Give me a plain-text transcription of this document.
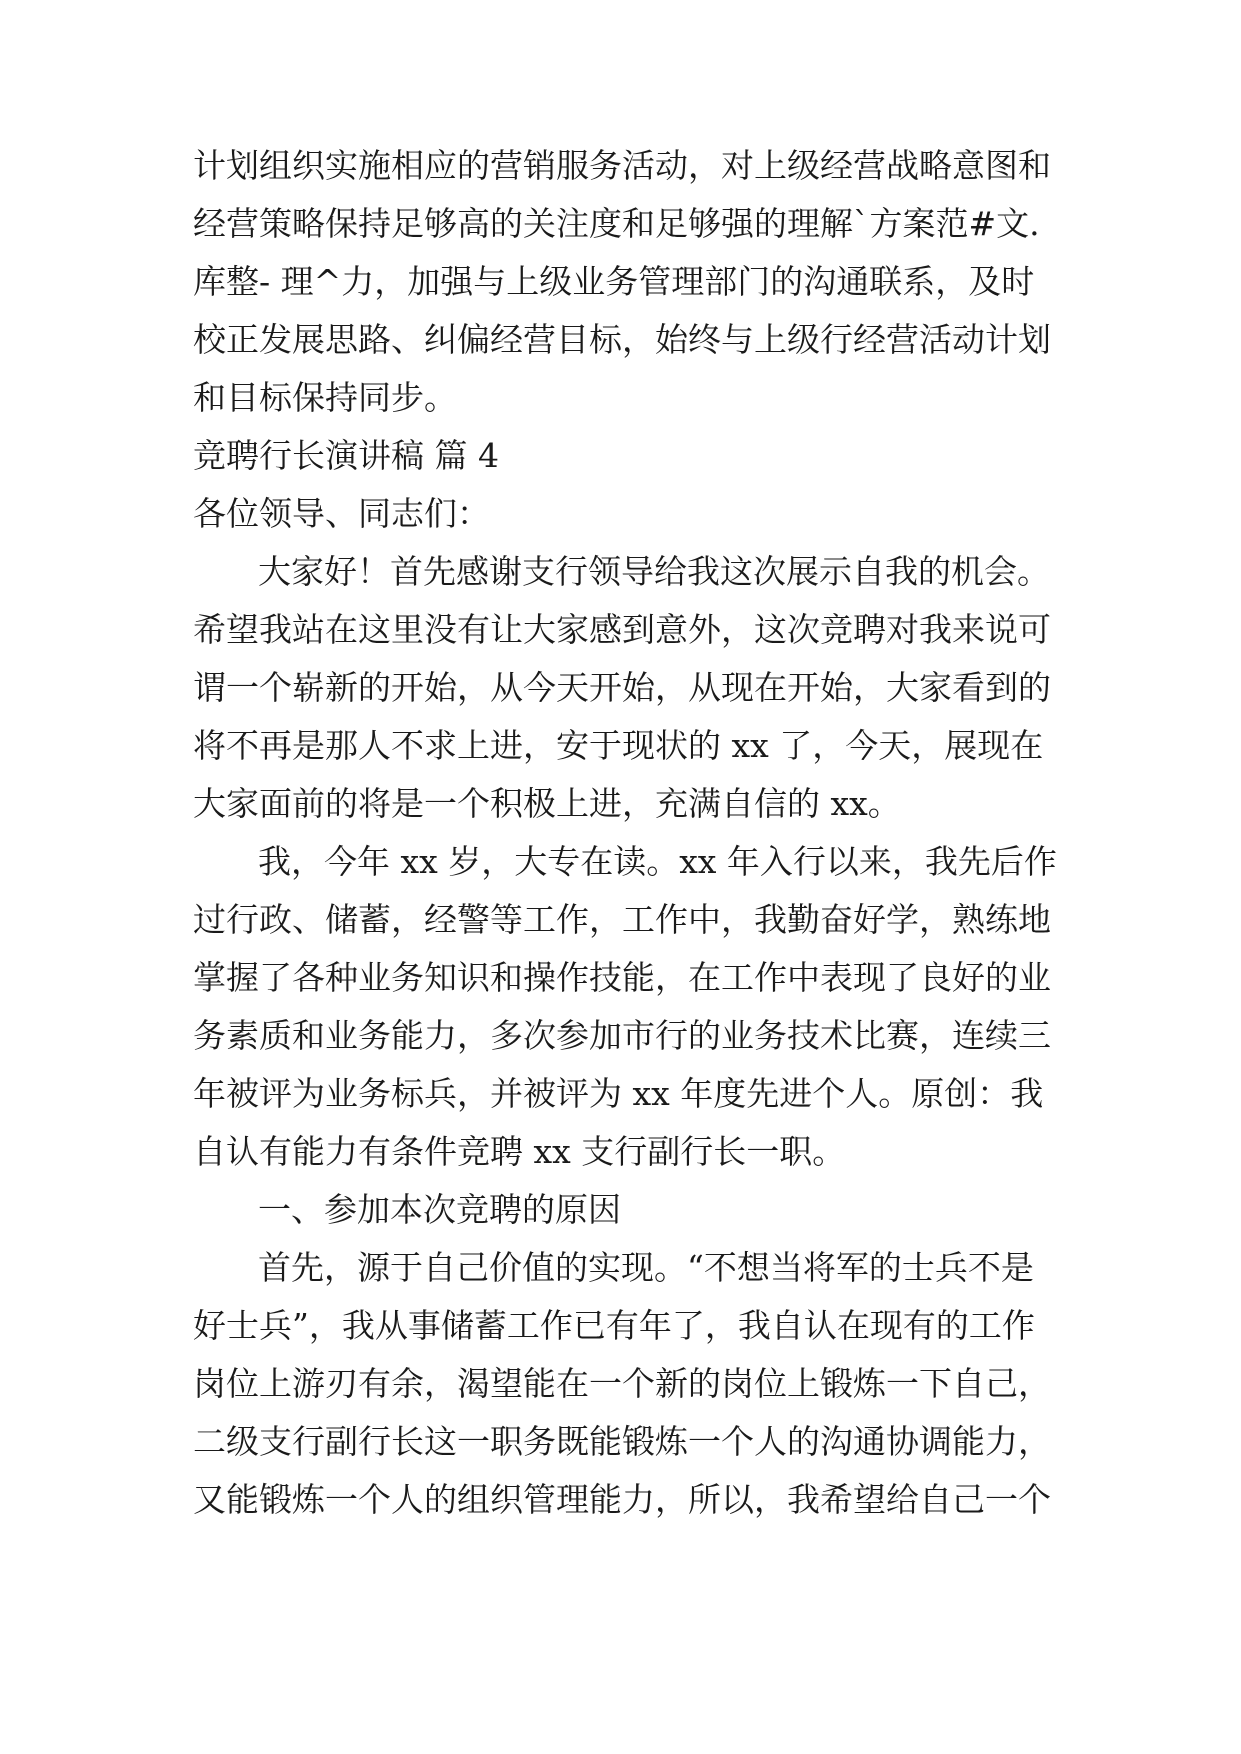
计划组织实施相应的营销服务活动，对上级经营战略意图和
经营策略保持足够高的关注度和足够强的理解`方案范#文.
库整- 理^力，加强与上级业务管理部门的沟通联系，及时
校正发展思路、纠偏经营目标，始终与上级行经营活动计划
和目标保持同步。
竞聘行长演讲稿 篇 4
各位领导、同志们：
大家好！首先感谢支行领导给我这次展示自我的机会。
希望我站在这里没有让大家感到意外，这次竞聘对我来说可
谓一个崭新的开始，从今天开始，从现在开始，大家看到的
将不再是那人不求上进，安于现状的 xx 了，今天，展现在
大家面前的将是一个积极上进，充满自信的 xx。
我，今年 xx 岁，大专在读。xx 年入行以来，我先后作
过行政、储蓄，经警等工作，工作中，我勤奋好学，熟练地
掌握了各种业务知识和操作技能，在工作中表现了良好的业
务素质和业务能力，多次参加市行的业务技术比赛，连续三
年被评为业务标兵，并被评为 xx 年度先进个人。原创：我
自认有能力有条件竞聘 xx 支行副行长一职。
一、参加本次竞聘的原因
首先，源于自己价值的实现。“不想当将军的士兵不是
好士兵”，我从事储蓄工作已有年了，我自认在现有的工作
岗位上游刃有余，渴望能在一个新的岗位上锻炼一下自己，
二级支行副行长这一职务既能锻炼一个人的沟通协调能力，
又能锻炼一个人的组织管理能力，所以，我希望给自己一个
